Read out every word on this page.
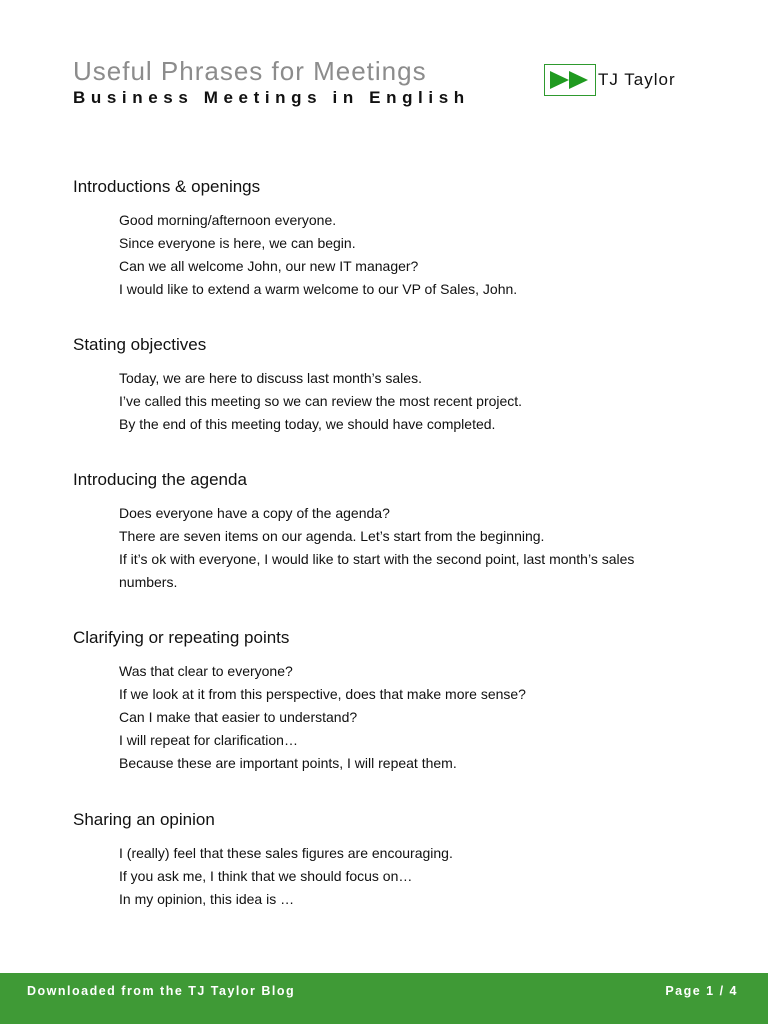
Useful Phrases for Meetings
Business Meetings in English
TJ Taylor
Introductions & openings
Good morning/afternoon everyone.
Since everyone is here, we can begin.
Can we all welcome John, our new IT manager?
I would like to extend a warm welcome to our VP of Sales, John.
Stating objectives
Today, we are here to discuss last month’s sales.
I’ve called this meeting so we can review the most recent project.
By the end of this meeting today, we should have completed.
Introducing the agenda
Does everyone have a copy of the agenda?
There are seven items on our agenda. Let’s start from the beginning.
If it’s ok with everyone, I would like to start with the second point, last month’s sales numbers.
Clarifying or repeating points
Was that clear to everyone?
If we look at it from this perspective, does that make more sense?
Can I make that easier to understand?
I will repeat for clarification…
Because these are important points, I will repeat them.
Sharing an opinion
I (really) feel that these sales figures are encouraging.
If you ask me, I think that we should focus on…
In my opinion, this idea is …
Downloaded from the TJ Taylor Blog	Page 1 / 4
